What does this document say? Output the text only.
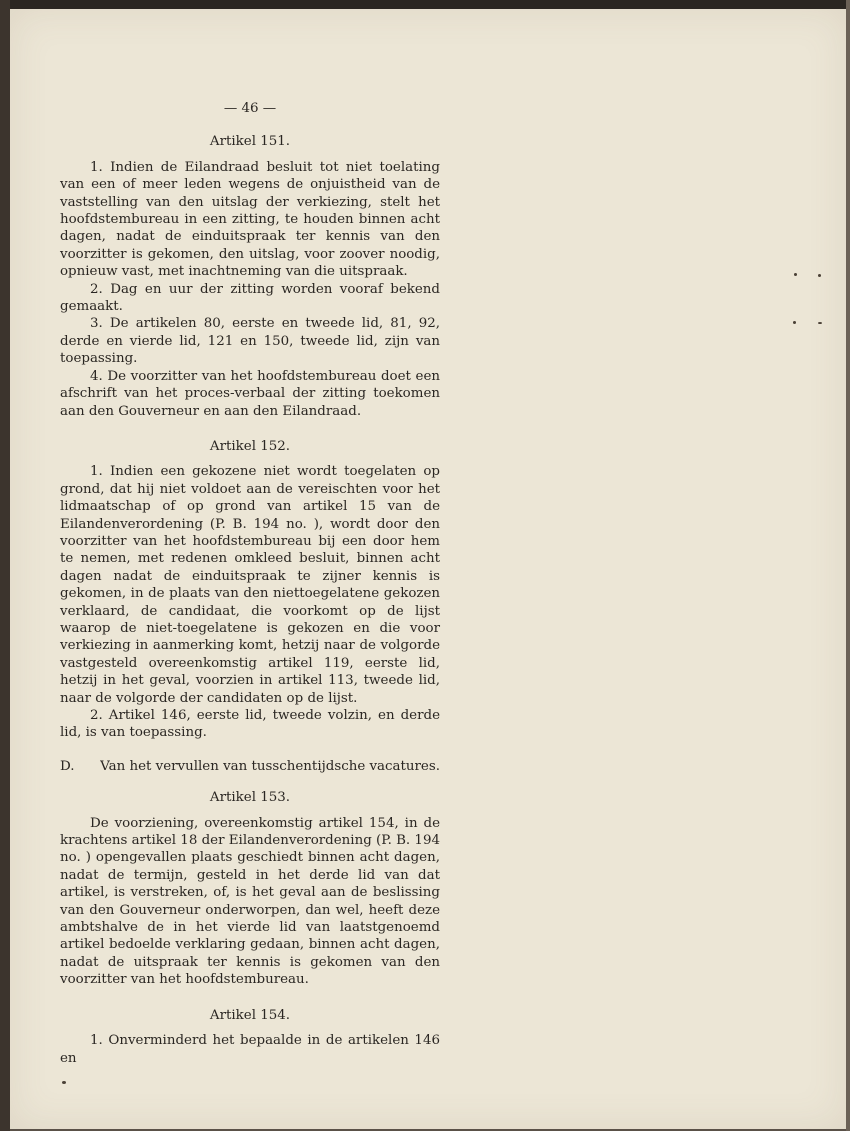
— 46 —
Artikel 151.

1. Indien de Eilandraad besluit tot niet toelating van een of meer leden wegens de onjuistheid van de vaststelling van den uitslag der verkiezing, stelt het hoofdstembureau in een zitting, te houden binnen acht dagen, nadat de einduitspraak ter kennis van den voorzitter is gekomen, den uitslag, voor zoover noodig, opnieuw vast, met inachtneming van die uitspraak.

2. Dag en uur der zitting worden vooraf bekend gemaakt.

3. De artikelen 80, eerste en tweede lid, 81, 92, derde en vierde lid, 121 en 150, tweede lid, zijn van toepassing.

4. De voorzitter van het hoofdstembureau doet een afschrift van het proces-verbaal der zitting toekomen aan den Gouverneur en aan den Eilandraad.

Artikel 152.

1. Indien een gekozene niet wordt toegelaten op grond, dat hij niet voldoet aan de vereischten voor het lidmaatschap of op grond van artikel 15 van de Eilandenverordening (P. B. 194 no. ), wordt door den voorzitter van het hoofdstembureau bij een door hem te nemen, met redenen omkleed besluit, binnen acht dagen nadat de einduitspraak te zijner kennis is gekomen, in de plaats van den niettoegelatene gekozen verklaard, de candidaat, die voorkomt op de lijst waarop de niet-toegelatene is gekozen en die voor verkiezing in aanmerking komt, hetzij naar de volgorde vastgesteld overeenkomstig artikel 119, eerste lid, hetzij in het geval, voorzien in artikel 113, tweede lid, naar de volgorde der candidaten op de lijst.

2. Artikel 146, eerste lid, tweede volzin, en derde lid, is van toepassing.

D. Van het vervullen van tusschentijdsche vacatures.
Artikel 153.

De voorziening, overeenkomstig artikel 154, in de krachtens artikel 18 der Eilandenverordening (P. B. 194 no. ) opengevallen plaats geschiedt binnen acht dagen, nadat de termijn, gesteld in het derde lid van dat artikel, is verstreken, of, is het geval aan de beslissing van den Gouverneur onderworpen, dan wel, heeft deze ambtshalve de in het vierde lid van laatstgenoemd artikel bedoelde verklaring gedaan, binnen acht dagen, nadat de uitspraak ter kennis is gekomen van den voorzitter van het hoofdstembureau.

Artikel 154.

1. Onverminderd het bepaalde in de artikelen 146 en
